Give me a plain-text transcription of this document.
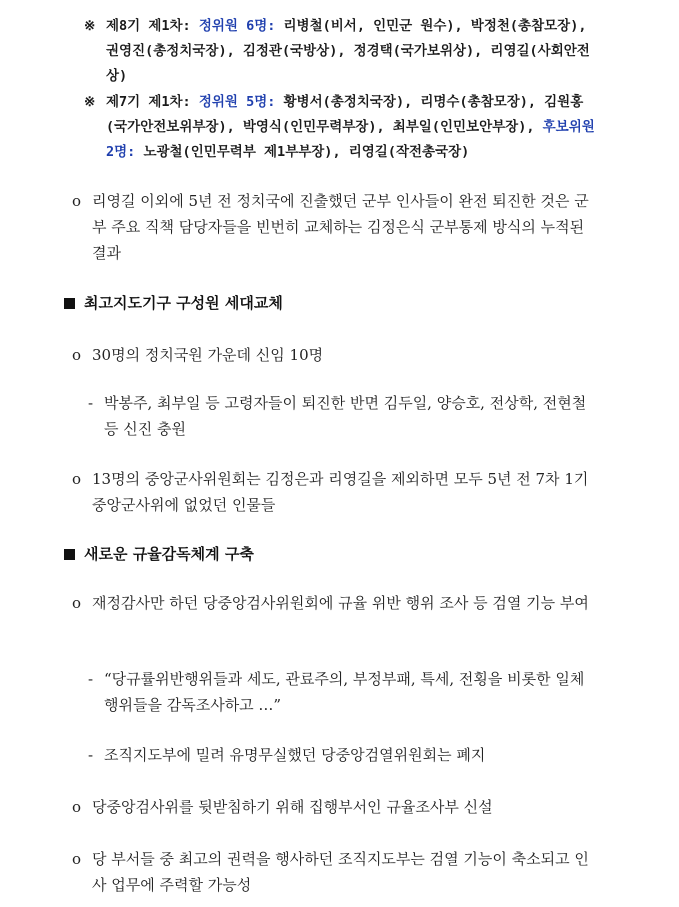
※ 제8기 제1차: 정위원 6명: 리병철(비서, 인민군 원수), 박정천(총참모장), 권영진(총정치국장), 김정관(국방상), 정경택(국가보위상), 리영길(사회안전상)
※ 제7기 제1차: 정위원 5명: 황병서(총정치국장), 리명수(총참모장), 김원홍(국가안전보위부장), 박영식(인민무력부장), 최부일(인민보안부장), 후보위원 2명: 노광철(인민무력부 제1부부장), 리영길(작전총국장)
o 리영길 이외에 5년 전 정치국에 진출했던 군부 인사들이 완전 퇴진한 것은 군부 주요 직책 담당자들을 빈번히 교체하는 김정은식 군부통제 방식의 누적된 결과
최고지도기구 구성원 세대교체
o 30명의 정치국원 가운데 신임 10명
- 박봉주, 최부일 등 고령자들이 퇴진한 반면 김두일, 양승호, 전상학, 전현철 등 신진 충원
o 13명의 중앙군사위원회는 김정은과 리영길을 제외하면 모두 5년 전 7차 1기 중앙군사위에 없었던 인물들
새로운 규율감독체계 구축
o 재정감사만 하던 당중앙검사위원회에 규율 위반 행위 조사 등 검열 기능 부여
- “당규률위반행위들과 세도, 관료주의, 부정부패, 특세, 전횡을 비롯한 일체 행위들을 감독조사하고 …”
- 조직지도부에 밀려 유명무실했던 당중앙검열위원회는 폐지
o 당중앙검사위를 뒷받침하기 위해 집행부서인 규율조사부 신설
o 당 부서들 중 최고의 권력을 행사하던 조직지도부는 검열 기능이 축소되고 인사 업무에 주력할 가능성
